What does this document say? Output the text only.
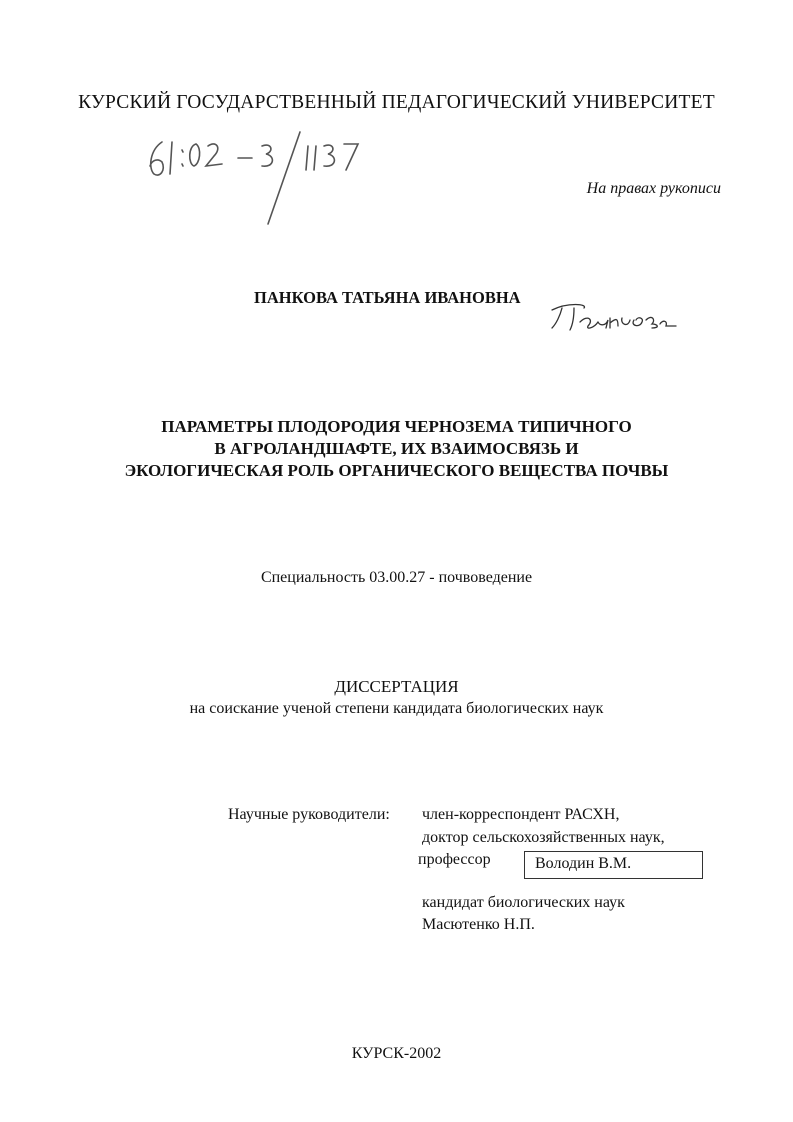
КУРСКИЙ ГОСУДАРСТВЕННЫЙ ПЕДАГОГИЧЕСКИЙ УНИВЕРСИТЕТ
На правах рукописи
ПАНКОВА ТАТЬЯНА ИВАНОВНА
ПАРАМЕТРЫ ПЛОДОРОДИЯ ЧЕРНОЗЕМА ТИПИЧНОГО
В АГРОЛАНДШАФТЕ, ИХ ВЗАИМОСВЯЗЬ И
ЭКОЛОГИЧЕСКАЯ РОЛЬ ОРГАНИЧЕСКОГО ВЕЩЕСТВА ПОЧВЫ
Специальность 03.00.27 - почвоведение
ДИССЕРТАЦИЯ
на соискание ученой степени кандидата биологических наук
Научные руководители: член-корреспондент РАСХН,
доктор сельскохозяйственных наук,
профессор	Володин В.М.
кандидат биологических наук
Масютенко Н.П.
КУРСК-2002
